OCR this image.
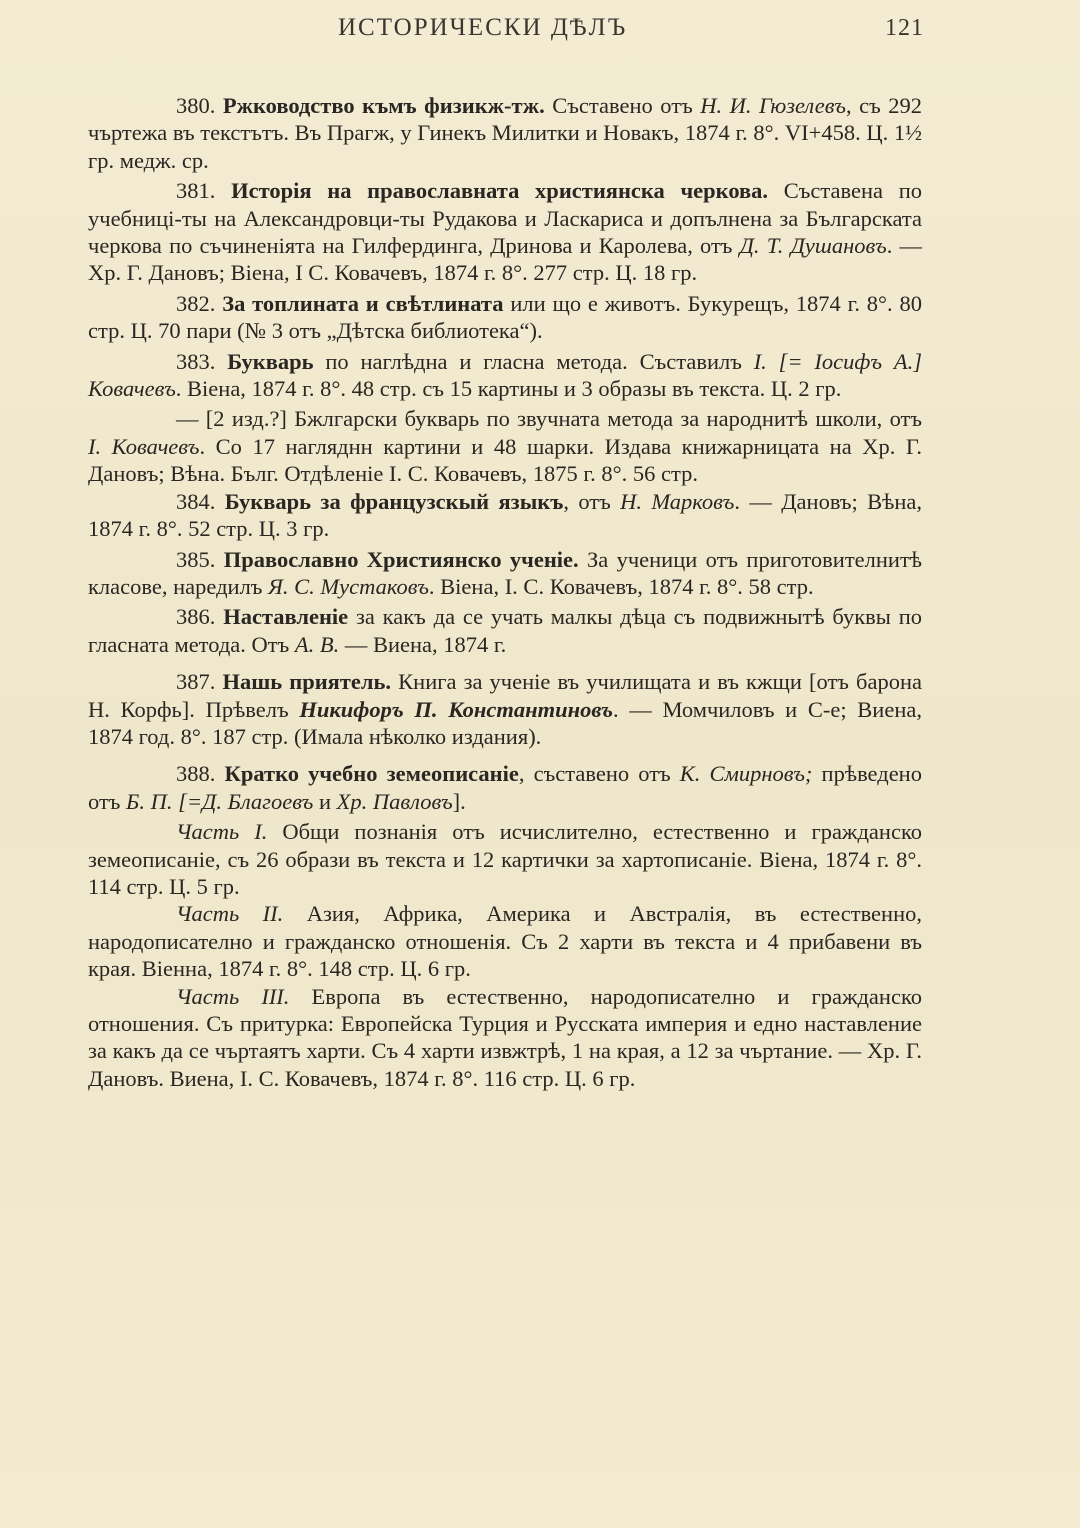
ИСТОРИЧЕСКИ ДѢЛЪ	121

380. Ржководство къмъ физикж-тж. Съставено отъ Н. И. Гюзелевъ, съ 292 чъртежа въ текстътъ. Въ Прагж, у Гинекъ Милитки и Новакъ, 1874 г. 8°. VI+458. Ц. 1½ гр. медж. ср.

381. Исторія на православната християнска черкова. Съставена по учебниці-ты на Александровци-ты Рудакова и Ласкариса и допълнена за Българската черкова по съчиненіята на Гилфердинга, Дринова и Каролева, отъ Д. Т. Душановъ. — Хр. Г. Дановъ; Віена, I С. Ковачевъ, 1874 г. 8°. 277 стр. Ц. 18 гр.

382. За топлината и свѣтлината или що е животъ. Букурещъ, 1874 г. 8°. 80 стр. Ц. 70 пари (№ 3 отъ „Дѣтска библиотека“).

383. Букварь по наглѣдна и гласна метода. Съставилъ I. [= Іосифъ А.] Ковачевъ. Віена, 1874 г. 8°. 48 стр. съ 15 картины и 3 образы въ текста. Ц. 2 гр.

— [2 изд.?] Бжлгарски букварь по звучната метода за народнитѣ школи, отъ I. Ковачевъ. Со 17 нагляднн картини и 48 шарки. Издава книжарницата на Хр. Г. Дановъ; Вѣна. Бълг. Отдѣленіе I. С. Ковачевъ, 1875 г. 8°. 56 стр.

384. Букварь за французскый языкъ, отъ Н. Марковъ. — Дановъ; Вѣна, 1874 г. 8°. 52 стр. Ц. 3 гр.

385. Православно Християнско ученіе. За ученици отъ приготовителнитѣ класове, наредилъ Я. С. Мустаковъ. Віена, I. С. Ковачевъ, 1874 г. 8°. 58 стр.

386. Наставленіе за какъ да се учать малкы дѣца съ подвижнытѣ буквы по гласната метода. Отъ А. В. — Виена, 1874 г.

387. Нашь приятель. Книга за ученіе въ училищата и въ кжщи [отъ барона Н. Корфь]. Прѣвелъ Никифоръ П. Константиновъ. — Момчиловъ и С-е; Виена, 1874 год. 8°. 187 стр. (Имала нѣколко издания).

388. Кратко учебно земеописаніе, съставено отъ К. Смирновъ; прѣведено отъ Б. П. [=Д. Благоевъ и Хр. Павловъ].

Часть I. Общи познанія отъ исчислително, естественно и гражданско земеописаніе, съ 26 образи въ текста и 12 картички за хартописаніе. Віена, 1874 г. 8°. 114 стр. Ц. 5 гр.

Часть II. Азия, Африка, Америка и Австралія, въ естественно, народописателно и гражданско отношенія. Съ 2 харти въ текста и 4 прибавени въ края. Віенна, 1874 г. 8°. 148 стр. Ц. 6 гр.

Часть III. Европа въ естественно, народописателно и гражданско отношения. Съ притурка: Европейска Турция и Русската империя и едно наставление за какъ да се чъртаятъ харти. Съ 4 харти извжтрѣ, 1 на края, а 12 за чъртание. — Хр. Г. Дановъ. Виена, I. С. Ковачевъ, 1874 г. 8°. 116 стр. Ц. 6 гр.
